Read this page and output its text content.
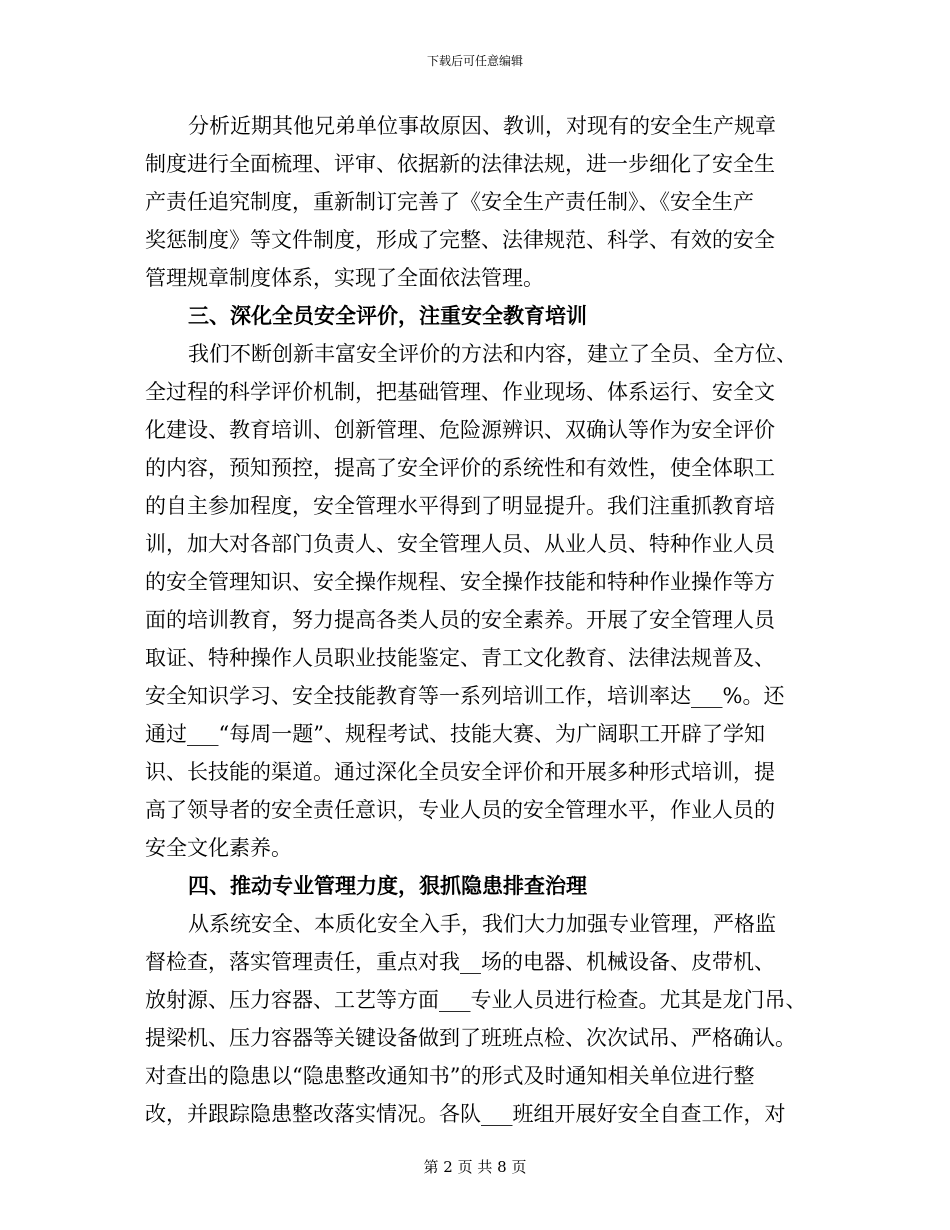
下载后可任意编辑
分析近期其他兄弟单位事故原因、教训，对现有的安全生产规章
制度进行全面梳理、评审、依据新的法律法规，进一步细化了安全生
产责任追究制度，重新制订完善了《安全生产责任制》、《安全生产
奖惩制度》等文件制度，形成了完整、法律规范、科学、有效的安全
管理规章制度体系，实现了全面依法管理。
三、深化全员安全评价，注重安全教育培训
我们不断创新丰富安全评价的方法和内容，建立了全员、全方位、
全过程的科学评价机制，把基础管理、作业现场、体系运行、安全文
化建设、教育培训、创新管理、危险源辨识、双确认等作为安全评价
的内容，预知预控，提高了安全评价的系统性和有效性，使全体职工
的自主参加程度，安全管理水平得到了明显提升。我们注重抓教育培
训，加大对各部门负责人、安全管理人员、从业人员、特种作业人员
的安全管理知识、安全操作规程、安全操作技能和特种作业操作等方
面的培训教育，努力提高各类人员的安全素养。开展了安全管理人员
取证、特种操作人员职业技能鉴定、青工文化教育、法律法规普及、
安全知识学习、安全技能教育等一系列培训工作，培训率达___%。还
通过___“每周一题”、规程考试、技能大赛、为广阔职工开辟了学知
识、长技能的渠道。通过深化全员安全评价和开展多种形式培训，提
高了领导者的安全责任意识，专业人员的安全管理水平，作业人员的
安全文化素养。
四、推动专业管理力度，狠抓隐患排查治理
从系统安全、本质化安全入手，我们大力加强专业管理，严格监
督检查，落实管理责任，重点对我__场的电器、机械设备、皮带机、
放射源、压力容器、工艺等方面___专业人员进行检查。尤其是龙门吊、
提梁机、压力容器等关键设备做到了班班点检、次次试吊、严格确认。
对查出的隐患以“隐患整改通知书”的形式及时通知相关单位进行整
改，并跟踪隐患整改落实情况。各队___班组开展好安全自查工作，对
第 2 页 共 8 页
